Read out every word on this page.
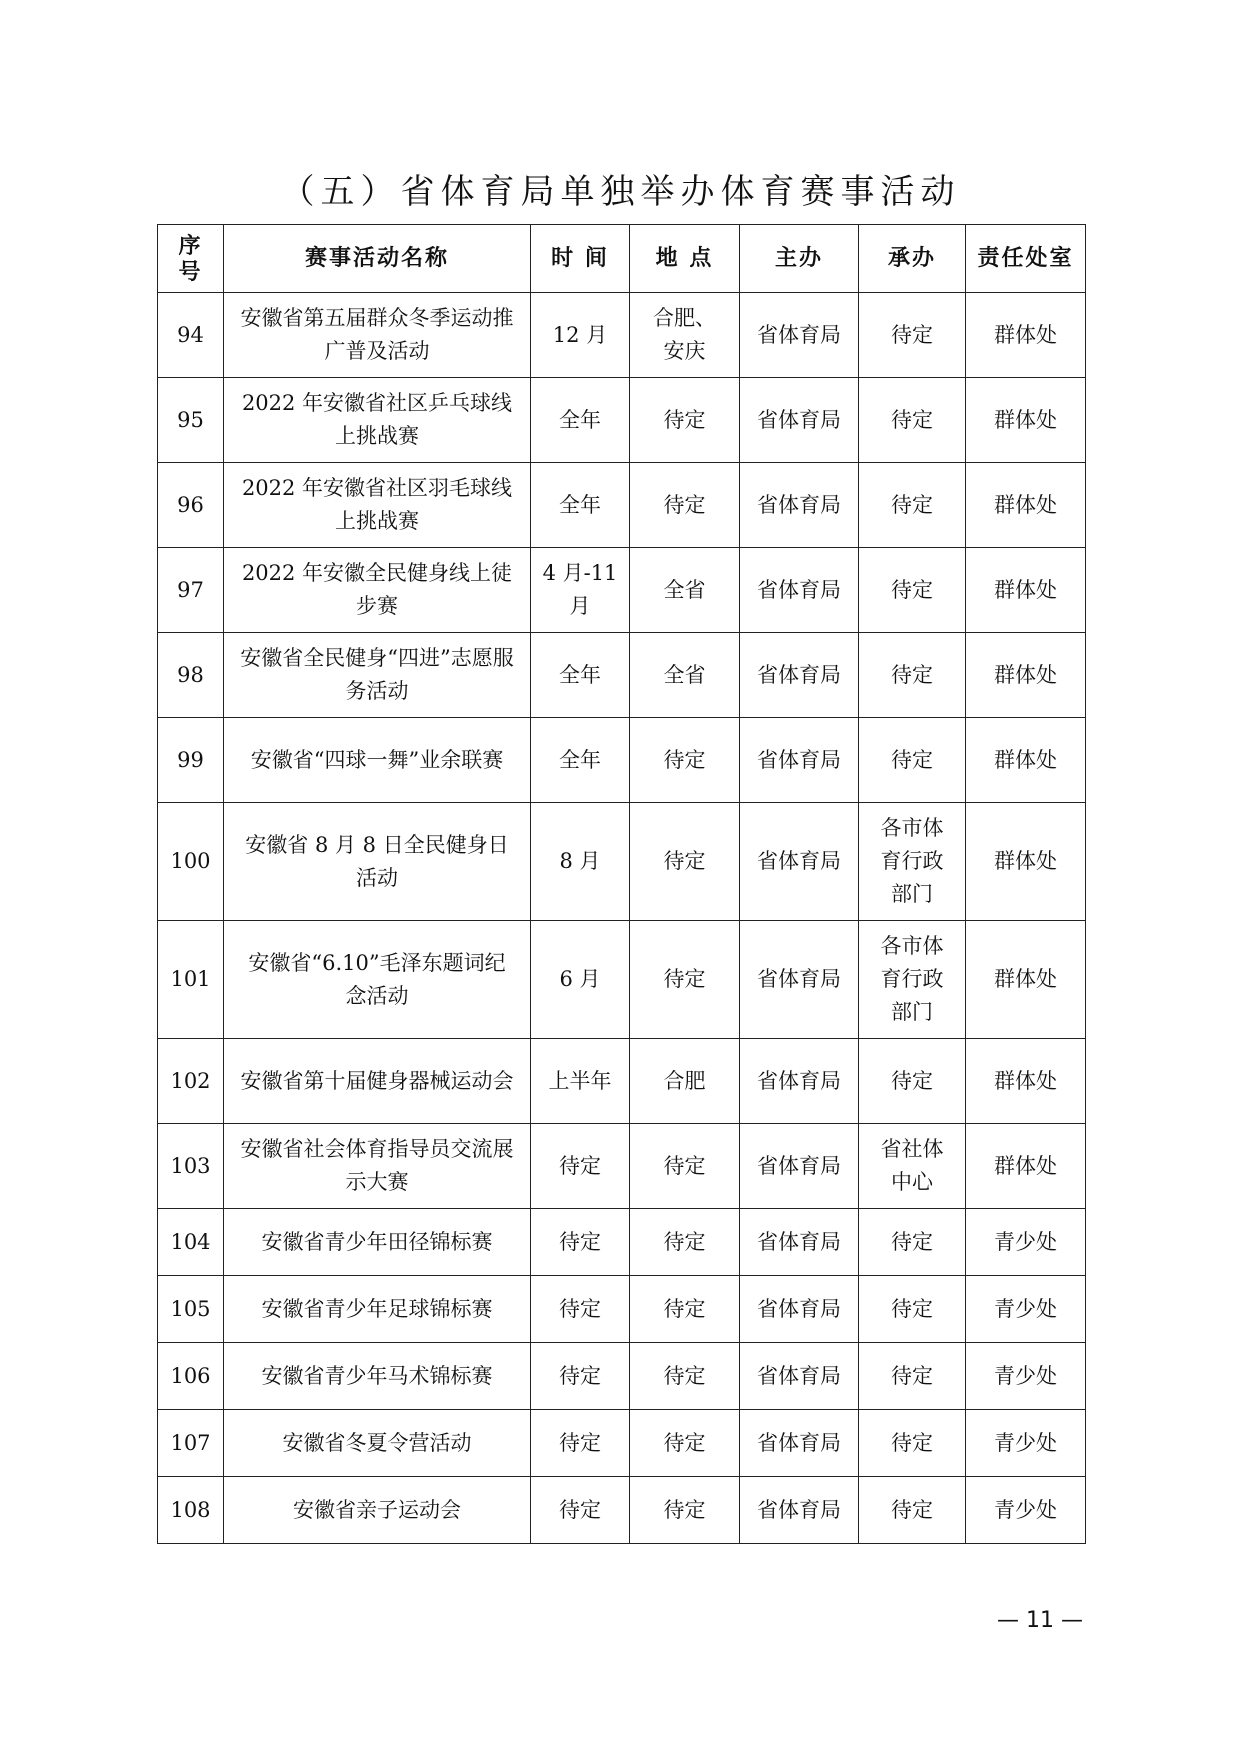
（五）省体育局单独举办体育赛事活动
序号	赛事活动名称	时 间	地 点	主办	承办	责任处室
94	安徽省第五届群众冬季运动推广普及活动	12 月	合肥、安庆	省体育局	待定	群体处
95	2022 年安徽省社区乒乓球线上挑战赛	全年	待定	省体育局	待定	群体处
96	2022 年安徽省社区羽毛球线上挑战赛	全年	待定	省体育局	待定	群体处
97	2022 年安徽全民健身线上徒步赛	4 月-11 月	全省	省体育局	待定	群体处
98	安徽省全民健身“四进”志愿服务活动	全年	全省	省体育局	待定	群体处
99	安徽省“四球一舞”业余联赛	全年	待定	省体育局	待定	群体处
100	安徽省 8 月 8 日全民健身日活动	8 月	待定	省体育局	各市体育行政部门	群体处
101	安徽省“6.10”毛泽东题词纪念活动	6 月	待定	省体育局	各市体育行政部门	群体处
102	安徽省第十届健身器械运动会	上半年	合肥	省体育局	待定	群体处
103	安徽省社会体育指导员交流展示大赛	待定	待定	省体育局	省社体中心	群体处
104	安徽省青少年田径锦标赛	待定	待定	省体育局	待定	青少处
105	安徽省青少年足球锦标赛	待定	待定	省体育局	待定	青少处
106	安徽省青少年马术锦标赛	待定	待定	省体育局	待定	青少处
107	安徽省冬夏令营活动	待定	待定	省体育局	待定	青少处
108	安徽省亲子运动会	待定	待定	省体育局	待定	青少处
— 11 —
